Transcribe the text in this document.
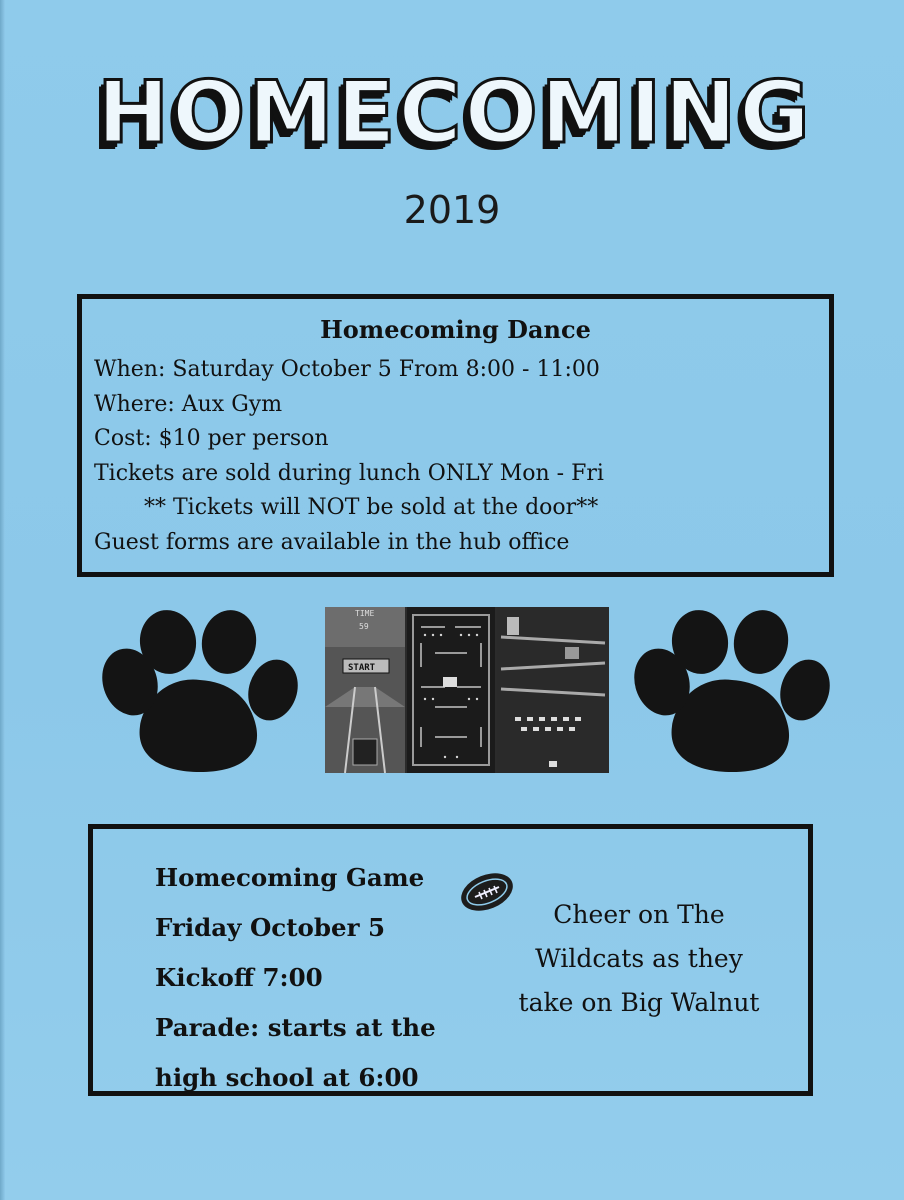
HOMECOMING
2019
Homecoming Dance
When: Saturday October 5 From 8:00 - 11:00
Where: Aux Gym
Cost: $10 per person
Tickets are sold during lunch ONLY Mon - Fri
** Tickets will NOT be sold at the door**
Guest forms are available in the hub office
TIME
59
START
Homecoming Game
Friday October 5
Kickoff 7:00
Parade: starts at the
high school at 6:00
Cheer on The
Wildcats as they
take on Big Walnut
